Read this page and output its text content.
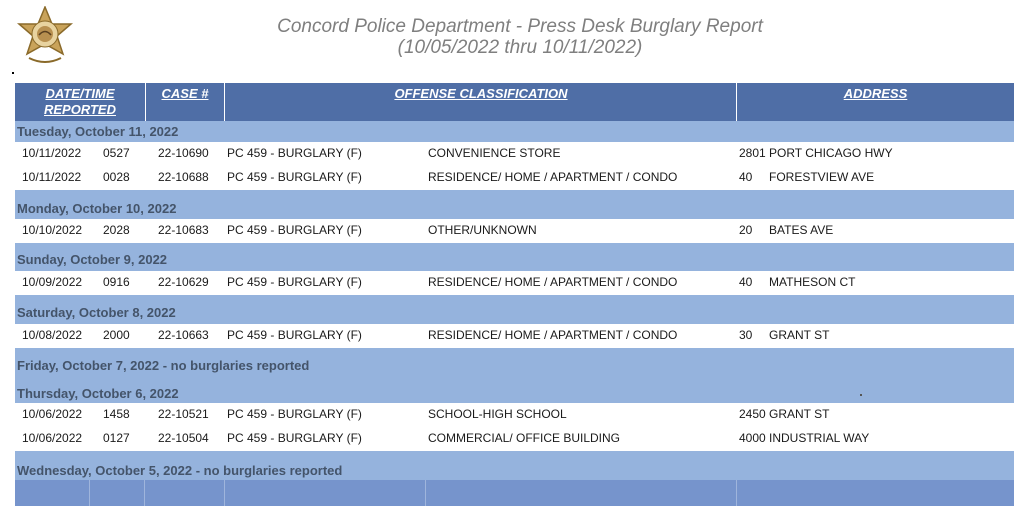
Concord Police Department - Press Desk Burglary Report
(10/05/2022 thru 10/11/2022)
DATE/TIME
REPORTED
CASE #	OFFENSE CLASSIFICATION	ADDRESS
Tuesday, October 11, 2022
10/11/2022 0527 22-10690 PC 459 - BURGLARY (F)	CONVENIENCE STORE	2801 PORT CHICAGO HWY
10/11/2022 0028 22-10688 PC 459 - BURGLARY (F)	RESIDENCE/ HOME / APARTMENT / CONDO	40 FORESTVIEW AVE
Monday, October 10, 2022
10/10/2022 2028 22-10683 PC 459 - BURGLARY (F)	OTHER/UNKNOWN	20 BATES AVE
Sunday, October 9, 2022
10/09/2022 0916 22-10629 PC 459 - BURGLARY (F)	RESIDENCE/ HOME / APARTMENT / CONDO	40 MATHESON CT
Saturday, October 8, 2022
10/08/2022 2000 22-10663 PC 459 - BURGLARY (F)	RESIDENCE/ HOME / APARTMENT / CONDO	30 GRANT ST
Friday, October 7, 2022 - no burglaries reported
Thursday, October 6, 2022
10/06/2022 1458 22-10521 PC 459 - BURGLARY (F)	SCHOOL-HIGH SCHOOL	2450 GRANT ST
10/06/2022 0127 22-10504 PC 459 - BURGLARY (F)	COMMERCIAL/ OFFICE BUILDING	4000 INDUSTRIAL WAY
Wednesday, October 5, 2022 - no burglaries reported
